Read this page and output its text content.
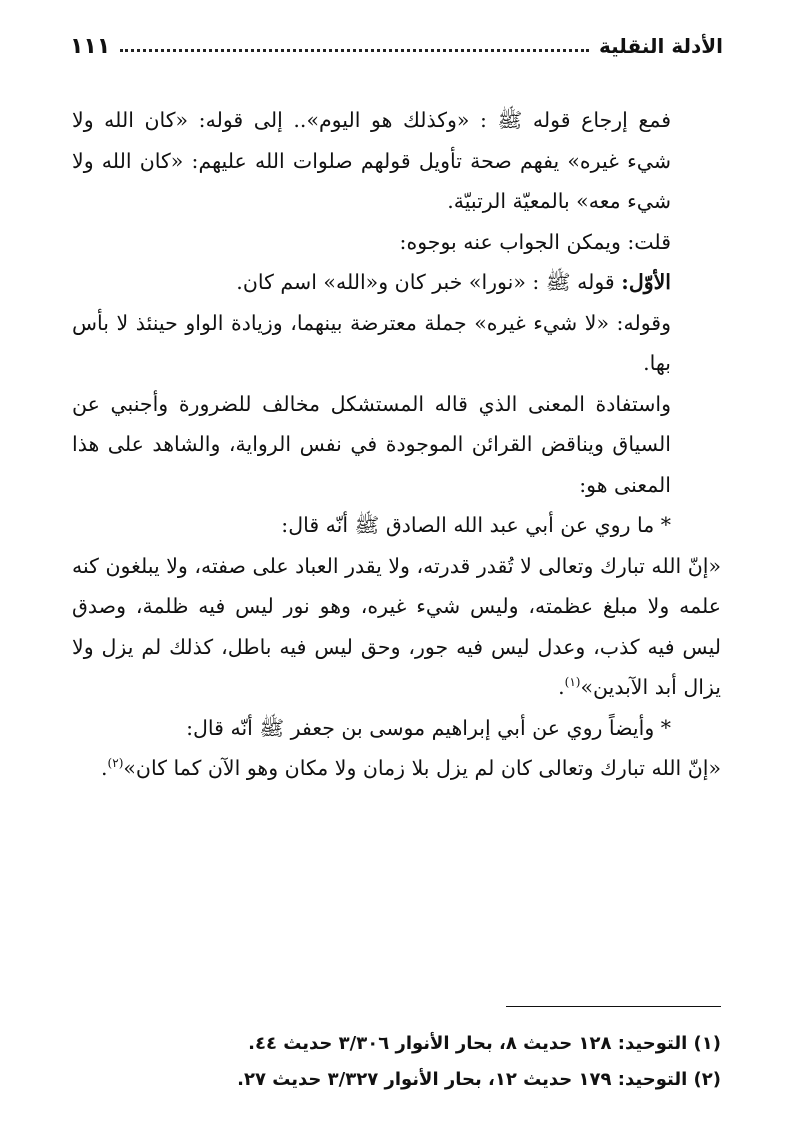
الأدلة النقلية
١١١

فمع إرجاع قوله ﷺ : «وكذلك هو اليوم».. إلى قوله: «كان الله ولا شيء غيره» يفهم صحة تأويل قولهم صلوات الله عليهم: «كان الله ولا شيء معه» بالمعيّة الرتبيّة.

قلت: ويمكن الجواب عنه بوجوه:

الأوّل: قوله ﷺ : «نورا» خبر كان و«الله» اسم كان.

وقوله: «لا شيء غيره» جملة معترضة بينهما، وزيادة الواو حينئذ لا بأس بها.

واستفادة المعنى الذي قاله المستشكل مخالف للضرورة وأجنبي عن السياق ويناقض القرائن الموجودة في نفس الرواية، والشاهد على هذا المعنى هو:

* ما روي عن أبي عبد الله الصادق ﷺ أنّه قال:

«إنّ الله تبارك وتعالى لا تُقدر قدرته، ولا يقدر العباد على صفته، ولا يبلغون كنه علمه ولا مبلغ عظمته، وليس شيء غيره، وهو نور ليس فيه ظلمة، وصدق ليس فيه كذب، وعدل ليس فيه جور، وحق ليس فيه باطل، كذلك لم يزل ولا يزال أبد الآبدين»$^{(١)}$.

* وأيضاً روي عن أبي إبراهيم موسى بن جعفر ﷺ أنّه قال:

«إنّ الله تبارك وتعالى كان لم يزل بلا زمان ولا مكان وهو الآن كما كان»$^{(٢)}$.

(١) التوحيد: ١٢٨ حديث ٨، بحار الأنوار ٣/٣٠٦ حديث ٤٤.

(٢) التوحيد: ١٧٩ حديث ١٢، بحار الأنوار ٣/٣٢٧ حديث ٢٧.
